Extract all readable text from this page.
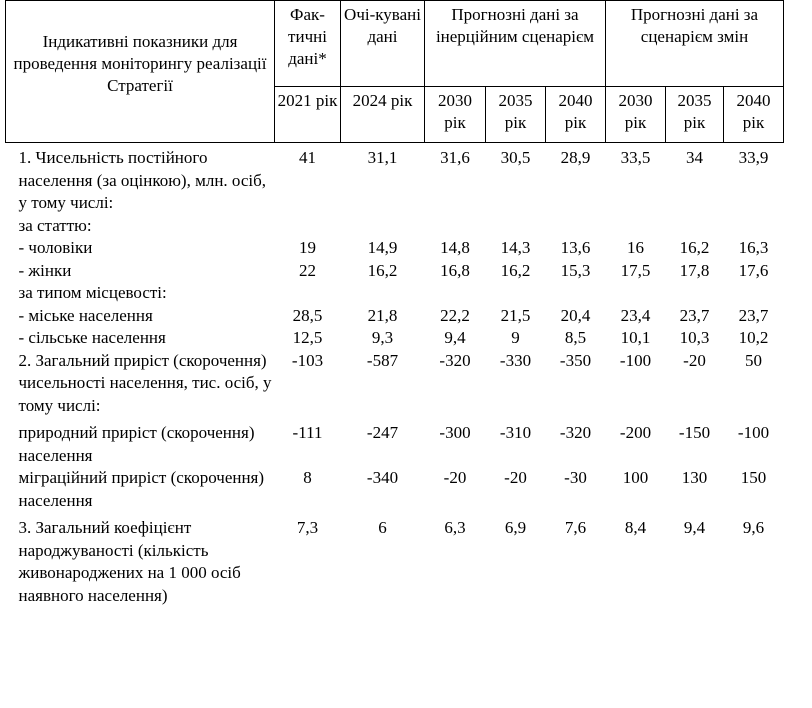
Індикативні показники для проведення моніторингу реалізації Стратегії	Фак-тичні дані*	Очі-кувані дані	Прогнозні дані за інерційним сценарієм			Прогнозні дані за сценарієм змін		
	2021 рік	2024 рік	2030 рік	2035 рік	2040 рік	2030 рік	2035 рік	2040 рік
1. Чисельність постійного населення (за оцінкою), млн. осіб, у тому числі:	41	31,1	31,6	30,5	28,9	33,5	34	33,9
за статтю:								
- чоловіки	19	14,9	14,8	14,3	13,6	16	16,2	16,3
- жінки	22	16,2	16,8	16,2	15,3	17,5	17,8	17,6
за типом місцевості:								
- міське населення	28,5	21,8	22,2	21,5	20,4	23,4	23,7	23,7
- сільське населення	12,5	9,3	9,4	9	8,5	10,1	10,3	10,2
2. Загальний приріст (скорочення) чисельності населення, тис. осіб, у тому числі:	-103	-587	-320	-330	-350	-100	-20	50
природний приріст (скорочення) населення	-111	-247	-300	-310	-320	-200	-150	-100
міграційний приріст (скорочення) населення	8	-340	-20	-20	-30	100	130	150
3. Загальний коефіцієнт народжуваності (кількість живонароджених на 1 000 осіб наявного населення)	7,3	6	6,3	6,9	7,6	8,4	9,4	9,6
